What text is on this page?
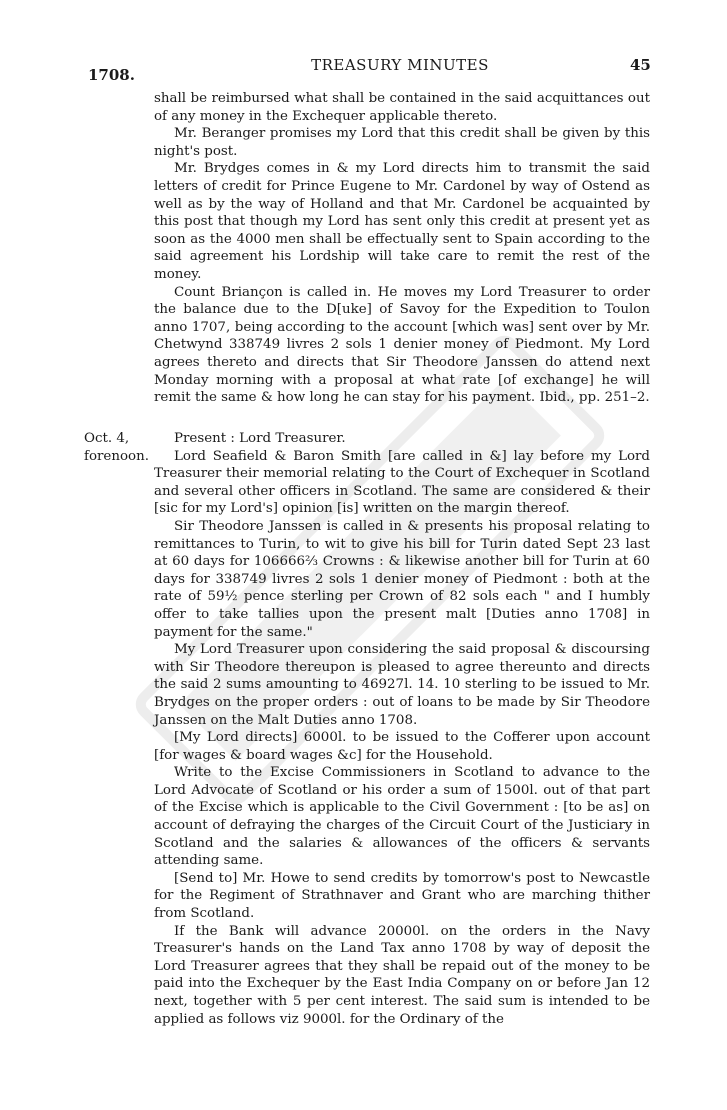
1708.
TREASURY MINUTES	45

shall be reimbursed what shall be contained in the said acquittances out of any money in the Exchequer applicable thereto.

Mr. Beranger promises my Lord that this credit shall be given by this night's post.

Mr. Brydges comes in & my Lord directs him to transmit the said letters of credit for Prince Eugene to Mr. Cardonel by way of Ostend as well as by the way of Holland and that Mr. Cardonel be acquainted by this post that though my Lord has sent only this credit at present yet as soon as the 4000 men shall be effectually sent to Spain according to the said agreement his Lordship will take care to remit the rest of the money.

Count Briançon is called in. He moves my Lord Treasurer to order the balance due to the D[uke] of Savoy for the Expedition to Toulon anno 1707, being according to the account [which was] sent over by Mr. Chetwynd 338749 livres 2 sols 1 denier money of Piedmont. My Lord agrees thereto and directs that Sir Theodore Janssen do attend next Monday morning with a proposal at what rate [of exchange] he will remit the same & how long he can stay for his payment. Ibid., pp. 251–2.

Oct. 4,
forenoon.

Present : Lord Treasurer.

Lord Seafield & Baron Smith [are called in &] lay before my Lord Treasurer their memorial relating to the Court of Exchequer in Scotland and several other officers in Scotland. The same are considered & their [sic for my Lord's] opinion [is] written on the margin thereof.

Sir Theodore Janssen is called in & presents his proposal relating to remittances to Turin, to wit to give his bill for Turin dated Sept 23 last at 60 days for 106666⅔ Crowns : & likewise another bill for Turin at 60 days for 338749 livres 2 sols 1 denier money of Piedmont : both at the rate of 59½ pence sterling per Crown of 82 sols each " and I humbly offer to take tallies upon the present malt [Duties anno 1708] in payment for the same."

My Lord Treasurer upon considering the said proposal & discoursing with Sir Theodore thereupon is pleased to agree thereunto and directs the said 2 sums amounting to 46927l. 14. 10 sterling to be issued to Mr. Brydges on the proper orders : out of loans to be made by Sir Theodore Janssen on the Malt Duties anno 1708.

[My Lord directs] 6000l. to be issued to the Cofferer upon account [for wages & board wages &c] for the Household.

Write to the Excise Commissioners in Scotland to advance to the Lord Advocate of Scotland or his order a sum of 1500l. out of that part of the Excise which is applicable to the Civil Government : [to be as] on account of defraying the charges of the Circuit Court of the Justiciary in Scotland and the salaries & allowances of the officers & servants attending same.

[Send to] Mr. Howe to send credits by tomorrow's post to Newcastle for the Regiment of Strathnaver and Grant who are marching thither from Scotland.

If the Bank will advance 20000l. on the orders in the Navy Treasurer's hands on the Land Tax anno 1708 by way of deposit the Lord Treasurer agrees that they shall be repaid out of the money to be paid into the Exchequer by the East India Company on or before Jan 12 next, together with 5 per cent interest. The said sum is intended to be applied as follows viz 9000l. for the Ordinary of the
